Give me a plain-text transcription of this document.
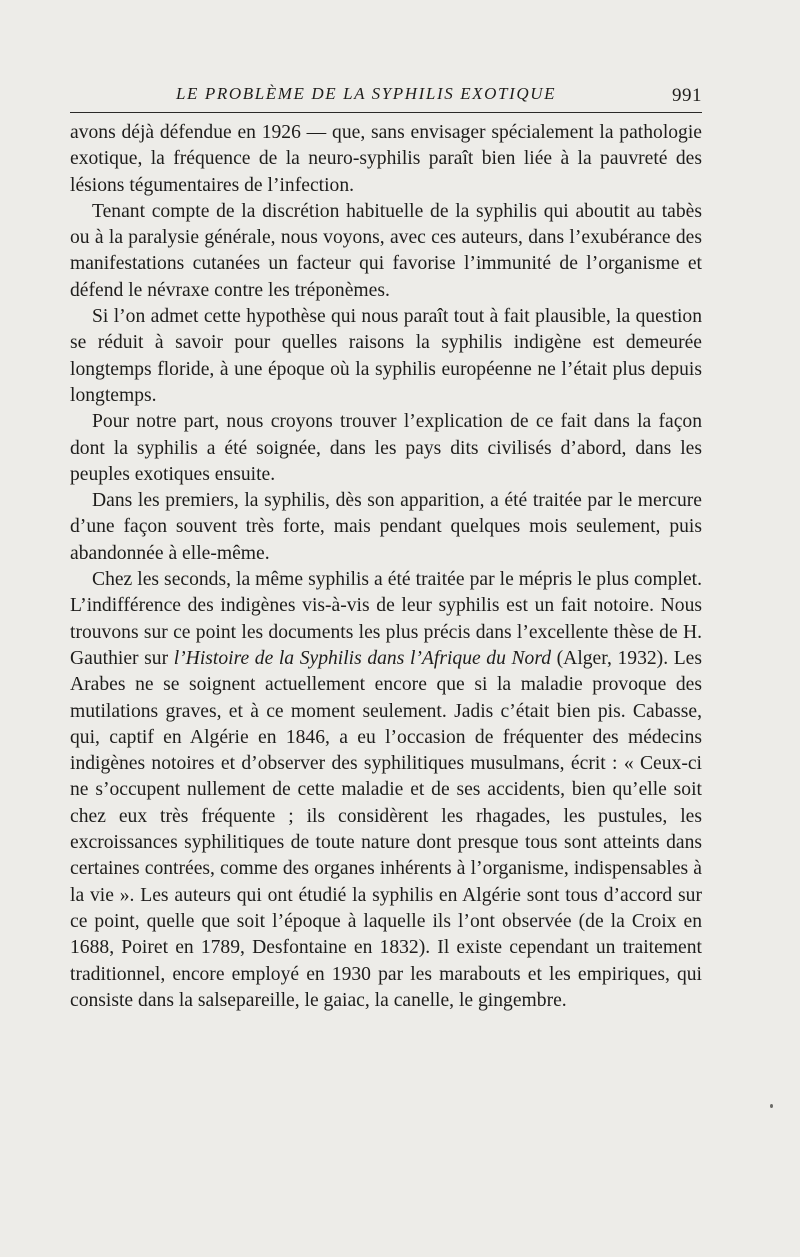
LE PROBLÈME DE LA SYPHILIS EXOTIQUE	991

avons déjà défendue en 1926 — que, sans envisager spécialement la pathologie exotique, la fréquence de la neuro-syphilis paraît bien liée à la pauvreté des lésions tégumentaires de l’infection.

Tenant compte de la discrétion habituelle de la syphilis qui aboutit au tabès ou à la paralysie générale, nous voyons, avec ces auteurs, dans l’exubérance des manifestations cutanées un facteur qui favorise l’immunité de l’organisme et défend le névraxe contre les tréponèmes.

Si l’on admet cette hypothèse qui nous paraît tout à fait plausible, la question se réduit à savoir pour quelles raisons la syphilis indigène est demeurée longtemps floride, à une époque où la syphilis européenne ne l’était plus depuis longtemps.

Pour notre part, nous croyons trouver l’explication de ce fait dans la façon dont la syphilis a été soignée, dans les pays dits civilisés d’abord, dans les peuples exotiques ensuite.

Dans les premiers, la syphilis, dès son apparition, a été traitée par le mercure d’une façon souvent très forte, mais pendant quelques mois seulement, puis abandonnée à elle-même.

Chez les seconds, la même syphilis a été traitée par le mépris le plus complet. L’indifférence des indigènes vis-à-vis de leur syphilis est un fait notoire. Nous trouvons sur ce point les documents les plus précis dans l’excellente thèse de H. Gauthier sur l’Histoire de la Syphilis dans l’Afrique du Nord (Alger, 1932). Les Arabes ne se soignent actuellement encore que si la maladie provoque des mutilations graves, et à ce moment seulement. Jadis c’était bien pis. Cabasse, qui, captif en Algérie en 1846, a eu l’occasion de fréquenter des médecins indigènes notoires et d’observer des syphilitiques musulmans, écrit : « Ceux-ci ne s’occupent nullement de cette maladie et de ses accidents, bien qu’elle soit chez eux très fréquente ; ils considèrent les rhagades, les pustules, les excroissances syphilitiques de toute nature dont presque tous sont atteints dans certaines contrées, comme des organes inhérents à l’organisme, indispensables à la vie ». Les auteurs qui ont étudié la syphilis en Algérie sont tous d’accord sur ce point, quelle que soit l’époque à laquelle ils l’ont observée (de la Croix en 1688, Poiret en 1789, Desfontaine en 1832). Il existe cependant un traitement traditionnel, encore employé en 1930 par les marabouts et les empiriques, qui consiste dans la salsepareille, le gaiac, la canelle, le gingembre.
